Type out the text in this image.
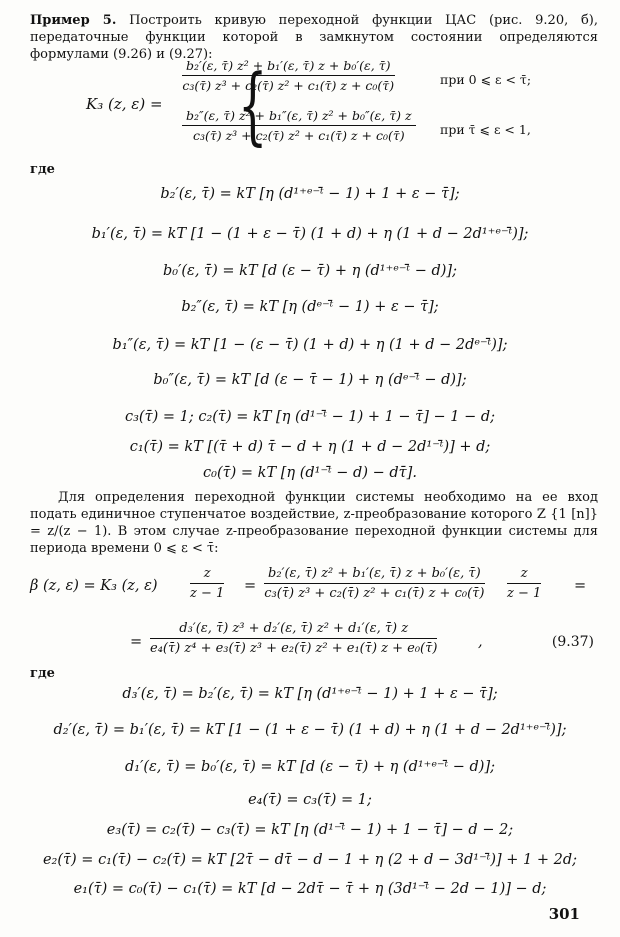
Пример 5. Построить кривую переходной функции ЦАС (рис. 9.20, б), передаточные функции которой в замкнутом состоянии определяются формулами (9.26) и (9.27):
K₃ (z, ε) = {
$\frac{\text{b₂′(ε, τ̄) z² + b₁′(ε, τ̄) z + b₀′(ε, τ̄)}}{\text{c₃(τ̄) z³ + c₂(τ̄) z² + c₁(τ̄) z + c₀(τ̄)}}$	при 0 ⩽ ε < τ̄;
$\frac{\text{b₂″(ε, τ̄) z² + b₁″(ε, τ̄) z² + b₀″(ε, τ̄) z}}{\text{c₃(τ̄) z³ + c₂(τ̄) z² + c₁(τ̄) z + c₀(τ̄)}}$ при τ̄ ⩽ ε < 1,
где
b₂′(ε, τ̄) = kT [η (d¹⁺ᵉ⁻ᵗ̄ − 1) + 1 + ε − τ̄];
b₁′(ε, τ̄) = kT [1 − (1 + ε − τ̄) (1 + d) + η (1 + d − 2d¹⁺ᵉ⁻ᵗ̄)];
b₀′(ε, τ̄) = kT [d (ε − τ̄) + η (d¹⁺ᵉ⁻ᵗ̄ − d)];
b₂″(ε, τ̄) = kT [η (dᵉ⁻ᵗ̄ − 1) + ε − τ̄];
b₁″(ε, τ̄) = kT [1 − (ε − τ̄) (1 + d) + η (1 + d − 2dᵉ⁻ᵗ̄)];
b₀″(ε, τ̄) = kT [d (ε − τ̄ − 1) + η (dᵉ⁻ᵗ̄ − d)];
c₃(τ̄) = 1; c₂(τ̄) = kT [η (d¹⁻ᵗ̄ − 1) + 1 − τ̄] − 1 − d;
c₁(τ̄) = kT [(τ̄ + d) τ̄ − d + η (1 + d − 2d¹⁻ᵗ̄)] + d;
c₀(τ̄) = kT [η (d¹⁻ᵗ̄ − d) − dτ̄].
Для определения переходной функции системы необходимо на ее вход подать единичное ступенчатое воздействие, z-преобразование которого Z {1 [n]} = z/(z − 1). В этом случае z-преобразование переходной функции системы для периода времени 0 ⩽ ε < τ̄:
β (z, ε) = K₃ (z, $\varepsilon) \frac{z}{z - 1} = \frac{\text{b₂′(ε, τ̄) z² + b₁′(ε, τ̄) z + b₀′(ε, τ̄)}}{\text{c₃(τ̄) z³ + c₂(τ̄) z² + c₁(τ̄) z + c₀(τ̄)}} \frac{z}{z - 1}$ =
= $\frac{\text{d₃′(ε, τ̄) z³ + d₂′(ε, τ̄) z² + d₁′(ε, τ̄) z}}{\text{e₄(τ̄) z⁴ + e₃(τ̄) z³ + e₂(τ̄) z² + e₁(τ̄) z + e₀(τ̄)}}$	,	(9.37)
где
d₃′(ε, τ̄) = b₂′(ε, τ̄) = kT [η (d¹⁺ᵉ⁻ᵗ̄ − 1) + 1 + ε − τ̄];
d₂′(ε, τ̄) = b₁′(ε, τ̄) = kT [1 − (1 + ε − τ̄) (1 + d) + η (1 + d − 2d¹⁺ᵉ⁻ᵗ̄)];
d₁′(ε, τ̄) = b₀′(ε, τ̄) = kT [d (ε − τ̄) + η (d¹⁺ᵉ⁻ᵗ̄ − d)];
e₄(τ̄) = c₃(τ̄) = 1;
e₃(τ̄) = c₂(τ̄) − c₃(τ̄) = kT [η (d¹⁻ᵗ̄ − 1) + 1 − τ̄] − d − 2;
e₂(τ̄) = c₁(τ̄) − c₂(τ̄) = kT [2τ̄ − dτ̄ − d − 1 + η (2 + d − 3d¹⁻ᵗ̄)] + 1 + 2d;
e₁(τ̄) = c₀(τ̄) − c₁(τ̄) = kT [d − 2dτ̄ − τ̄ + η (3d¹⁻ᵗ̄ − 2d − 1)] − d;
301
